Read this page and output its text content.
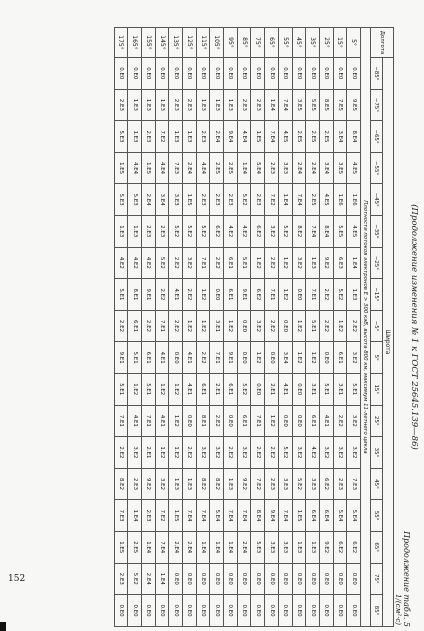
152
(Продолжение изменения № 1 к ГОСТ 25645.139—86)
Продолжение табл. 5
1/(см²·с)
Долгота	Широта																	
	−85°	−75°	−65°	−55°	−45°	−35°	−25°	−15°	−5°	5°	15°	25°	35°	45°	55°	65°	75°	85°
Плотности потоков электронов E > 300 кэВ, высота 800 км, максимум 11-летнего цикла																		
5°	0.E0	9.E5	8.E4	4.E5	1.E6	4.E5	1.E4	1.E3	2.E2	3.E2	5.E1	3.E2	3.E2	7.E3	5.E4	6.E2	0.E0	0.E0
15°	0.E0	7.E5	3.E4	3.E5	1.E6	5.E5	6.E3	5.E2	1.E2	6.E1	3.E1	2.E2	3.E2	2.E3	5.E4	6.E2	0.E0	0.E0
25°	0.E0	8.E5	2.E5	3.E4	4.E5	8.E4	9.E2	2.E2	2.E2	0.E0	5.E1	4.E1	3.E2	6.E2	6.E4	9.E2	0.E0	0.E0
35°	0.E0	5.E5	2.E5	2.E4	2.E5	7.E4	1.E3	7.E1	5.E1	1.E2	3.E1	6.E1	4.E2	3.E3	6.E4	1.E3	0.E0	0.E0
45°	0.E0	3.E5	2.E5	2.E4	7.E4	8.E2	3.E2	0.E0	1.E2	1.E2	0.E0	0.E0	3.E2	5.E2	1.E5	1.E3	0.E0	0.E0
55°	0.E0	7.E4	4.E5	3.E3	1.E4	5.E2	1.E2	1.E2	0.E0	3.E4	4.E1	0.E0	5.E2	3.E3	7.E4	3.E3	0.E0	0.E0
65°	0.E0	1.E4	7.E4	2.E3	7.E2	3.E2	2.E2	7.E1	2.E2	0.E0	2.E1	1.E2	2.E2	2.E3	9.E4	3.E3	0.E0	0.E0
75°	0.E0	2.E3	1.E5	5.E4	2.E3	6.E2	1.E2	6.E2	3.E2	1.E2	0.E0	7.E1	2.E2	7.E2	8.E4	5.E3	0.E0	0.E0
85°	0.E0	2.E3	4.E4	1.E4	5.E2	4.E2	5.E1	9.E1	0.E0	0.E0	5.E2	6.E1	3.E2	9.E2	7.E4	2.E4	0.E0	0.E0
95°	0.E0	1.E3	9.E4	2.E5	2.E3	4.E2	6.E1	6.E1	1.E2	9.E1	6.E1	0.E0	2.E2	1.E3	7.E4	1.E4	0.E0	0.E0
105°	0.E0	1.E3	2.E4	2.E5	2.E3	6.E2	2.E2	0.E0	3.E1	7.E1	2.E1	2.E2	3.E2	8.E2	5.E4	1.E4	0.E0	0.E0
115°	0.E0	1.E3	2.E3	4.E4	2.E3	5.E2	7.E1	1.E2	1.E2	2.E2	6.E1	8.E1	3.E2	8.E2	7.E4	1.E4	0.E0	0.E0
125°	0.E0	2.E3	1.E3	2.E4	1.E5	5.E2	3.E2	2.E2	1.E2	4.E1	4.E1	0.E0	2.E2	1.E3	7.E4	2.E4	0.E0	0.E0
135°	0.E0	2.E3	1.E3	7.E3	3.E3	5.E2	2.E2	4.E1	2.E2	0.E0	1.E2	1.E2	1.E2	1.E3	1.E5	2.E4	0.E0	0.E0
145°	0.E0	1.E3	7.E2	4.E4	3.E4	2.E3	5.E2	2.E2	7.E1	4.E1	1.E2	4.E1	1.E2	3.E2	7.E2	7.E4	1.E4	0.E0
155°	0.E0	1.E3	2.E3	1.E5	2.E4	2.E3	4.E2	9.E1	2.E2	6.E1	5.E1	7.E1	2.E1	9.E2	2.E3	1.E4	2.E4	0.E0
165°	0.E0	1.E3	1.E3	4.E4	5.E3	1.E3	4.E2	8.E1	6.E1	5.E1	1.E2	4.E1	3.E2	2.E3	1.E4	2.E5	5.E2	0.E0
175°	0.E0	2.E3	5.E3	1.E5	5.E3	1.E3	4.E2	5.E1	2.E2	9.E1	5.E1	7.E1	2.E2	8.E2	7.E3	1.E5	2.E3	0.E0
